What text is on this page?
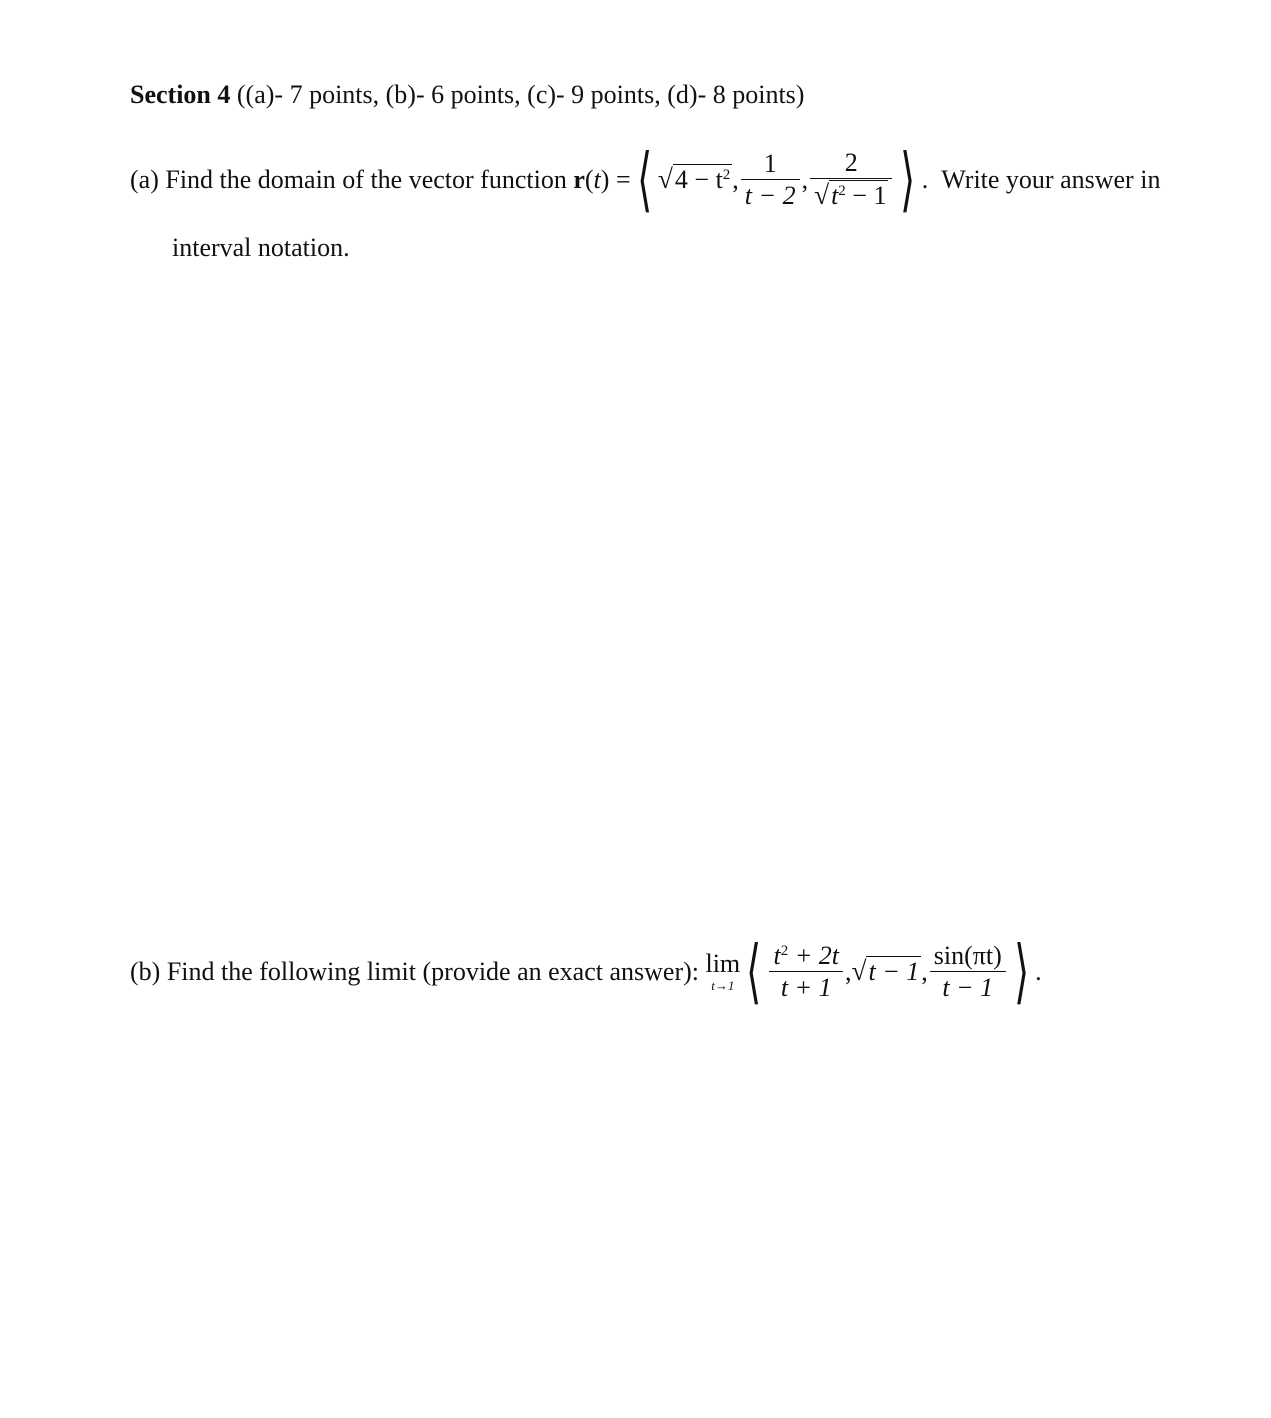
Section 4 ((a)- 7 points, (b)- 6 points, (c)- 9 points, (d)- 8 points)
(a)
Find the domain of the vector function
r(t) = ⟨ $√4 - t^2$ , $\frac{1}{t - 2}$ , $\frac{2}{√t^2 - 1}$ ⟩ .
Write your answer in
interval notation.
(b)
Find the following limit (provide an exact answer):
lim
t→1 ⟨ $\frac{t^2 + 2t}{t + 1}$ , √t − 1 , $\frac{\sin(\pi t)}{t - 1}$ ⟩ .
